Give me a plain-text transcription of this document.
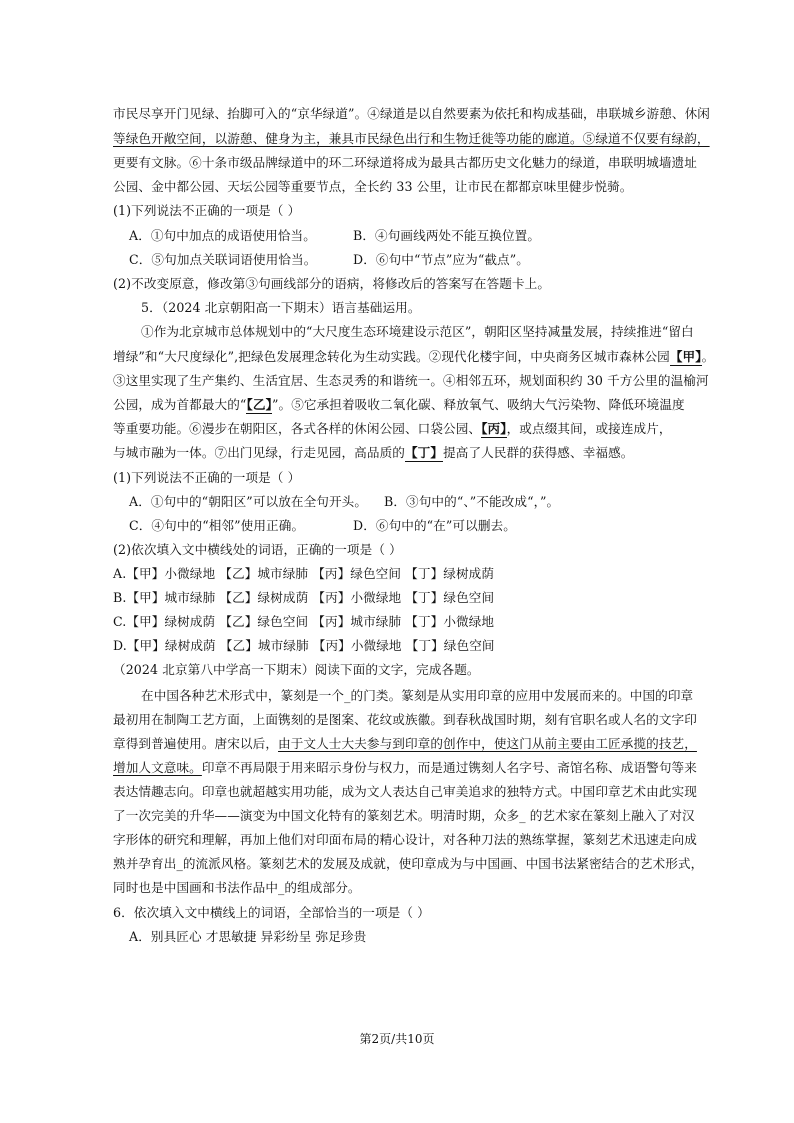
市民尽享开门见绿、抬脚可入的“京华绿道”。④绿道是以自然要素为依托和构成基础，串联城乡游憩、休闲
等绿色开敞空间，以游憩、健身为主，兼具市民绿色出行和生物迁徙等功能的廊道。⑤绿道不仅要有绿韵，
更要有文脉。⑥十条市级品牌绿道中的环二环绿道将成为最具古都历史文化魅力的绿道，串联明城墙遗址
公园、金中都公园、天坛公园等重要节点，全长约 33 公里，让市民在都都京味里健步悦骑。
(1)下列说法不正确的一项是（ ）
A．①句中加点的成语使用恰当。	B．④句画线两处不能互换位置。
C．⑤句加点关联词语使用恰当。	D．⑥句中“节点”应为“截点”。
(2)不改变原意，修改第③句画线部分的语病，将修改后的答案写在答题卡上。
5．（2024 北京朝阳高一下期末）语言基础运用。
①作为北京城市总体规划中的“大尺度生态环境建设示范区”，朝阳区坚持减量发展，持续推进“留白
增绿”和“大尺度绿化”,把绿色发展理念转化为生动实践。②现代化楼宇间，中央商务区城市森林公园【甲】。
③这里实现了生产集约、生活宜居、生态灵秀的和谐统一。④相邻五环，规划面积约 30 千方公里的温榆河
公园，成为首都最大的“【乙】”。⑤它承担着吸收二氧化碳、释放氧气、吸纳大气污染物、降低环境温度
等重要功能。⑥漫步在朝阳区，各式各样的休闲公园、口袋公园、【丙】，或点缀其间，或接连成片，
与城市融为一体。⑦出门见绿，行走见园，高品质的【丁】提高了人民群的获得感、幸福感。
(1)下列说法不正确的一项是（ ）
A．①句中的“朝阳区”可以放在全句开头。	B．③句中的“、”不能改成“，”。
C．④句中的“相邻”使用正确。	D．⑥句中的“在”可以删去。
(2)依次填入文中横线处的词语，正确的一项是（ ）
A.【甲】小微绿地 【乙】城市绿肺 【丙】绿色空间 【丁】绿树成荫
B.【甲】城市绿肺 【乙】绿树成荫 【丙】小微绿地 【丁】绿色空间
C.【甲】绿树成荫 【乙】绿色空间 【丙】城市绿肺 【丁】小微绿地
D.【甲】绿树成荫 【乙】城市绿肺 【丙】小微绿地 【丁】绿色空间
（2024 北京第八中学高一下期末）阅读下面的文字，完成各题。
在中国各种艺术形式中，篆刻是一个_的门类。篆刻是从实用印章的应用中发展而来的。中国的印章
最初用在制陶工艺方面，上面镌刻的是图案、花纹或族徽。到春秋战国时期，刻有官职名或人名的文字印
章得到普遍使用。唐宋以后，由于文人士大夫参与到印章的创作中，使这门从前主要由工匠承揽的技艺，
增加人文意味。印章不再局限于用来昭示身份与权力，而是通过镌刻人名字号、斋馆名称、成语警句等来
表达情趣志向。印章也就超越实用功能，成为文人表达自己审美追求的独特方式。中国印章艺术由此实现
了一次完美的升华——演变为中国文化特有的篆刻艺术。明清时期，众多_ 的艺术家在篆刻上融入了对汉
字形体的研究和理解，再加上他们对印面布局的精心设计，对各种刀法的熟练掌握，篆刻艺术迅速走向成
熟并孕育出_的流派风格。篆刻艺术的发展及成就，使印章成为与中国画、中国书法紧密结合的艺术形式，
同时也是中国画和书法作品中_的组成部分。
6．依次填入文中横线上的词语，全部恰当的一项是（ ）
A．别具匠心 才思敏捷 异彩纷呈 弥足珍贵
第2页/共10页
